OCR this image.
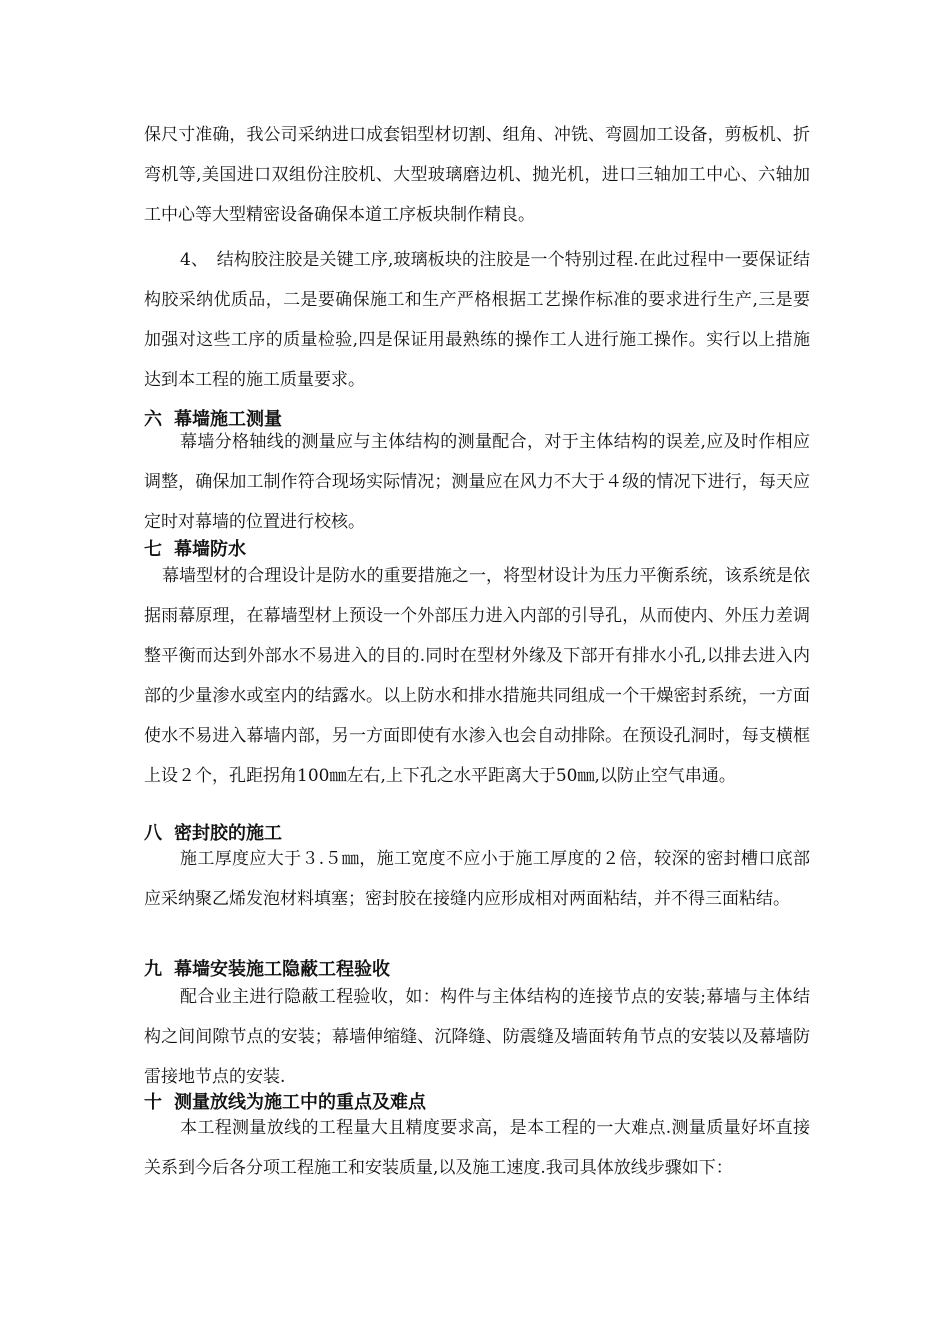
保尺寸准确，我公司采纳进口成套铝型材切割、组角、冲铣、弯圆加工设备，剪板机、折弯机等,美国进口双组份注胶机、大型玻璃磨边机、抛光机，进口三轴加工中心、六轴加工中心等大型精密设备确保本道工序板块制作精良。

4、　结构胶注胶是关键工序,玻璃板块的注胶是一个特别过程.在此过程中一要保证结构胶采纳优质品，二是要确保施工和生产严格根据工艺操作标准的要求进行生产,三是要加强对这些工序的质量检验,四是保证用最熟练的操作工人进行施工操作。实行以上措施达到本工程的施工质量要求。

六 幕墙施工测量

幕墙分格轴线的测量应与主体结构的测量配合，对于主体结构的误差,应及时作相应调整，确保加工制作符合现场实际情况；测量应在风力不大于４级的情况下进行，每天应定时对幕墙的位置进行校核。

七 幕墙防水

幕墙型材的合理设计是防水的重要措施之一，将型材设计为压力平衡系统，该系统是依据雨幕原理，在幕墙型材上预设一个外部压力进入内部的引导孔，从而使内、外压力差调整平衡而达到外部水不易进入的目的.同时在型材外缘及下部开有排水小孔,以排去进入内部的少量渗水或室内的结露水。以上防水和排水措施共同组成一个干燥密封系统，一方面使水不易进入幕墙内部，另一方面即使有水渗入也会自动排除。在预设孔洞时，每支横框上设２个，孔距拐角100㎜左右,上下孔之水平距离大于50㎜,以防止空气串通。

八 密封胶的施工

施工厚度应大于３.５㎜，施工宽度不应小于施工厚度的２倍，较深的密封槽口底部应采纳聚乙烯发泡材料填塞；密封胶在接缝内应形成相对两面粘结，并不得三面粘结。

九 幕墙安装施工隐蔽工程验收

配合业主进行隐蔽工程验收，如：构件与主体结构的连接节点的安装;幕墙与主体结构之间间隙节点的安装；幕墙伸缩缝、沉降缝、防震缝及墙面转角节点的安装以及幕墙防雷接地节点的安装.

十 测量放线为施工中的重点及难点

本工程测量放线的工程量大且精度要求高，是本工程的一大难点.测量质量好坏直接关系到今后各分项工程施工和安装质量,以及施工速度.我司具体放线步骤如下：
